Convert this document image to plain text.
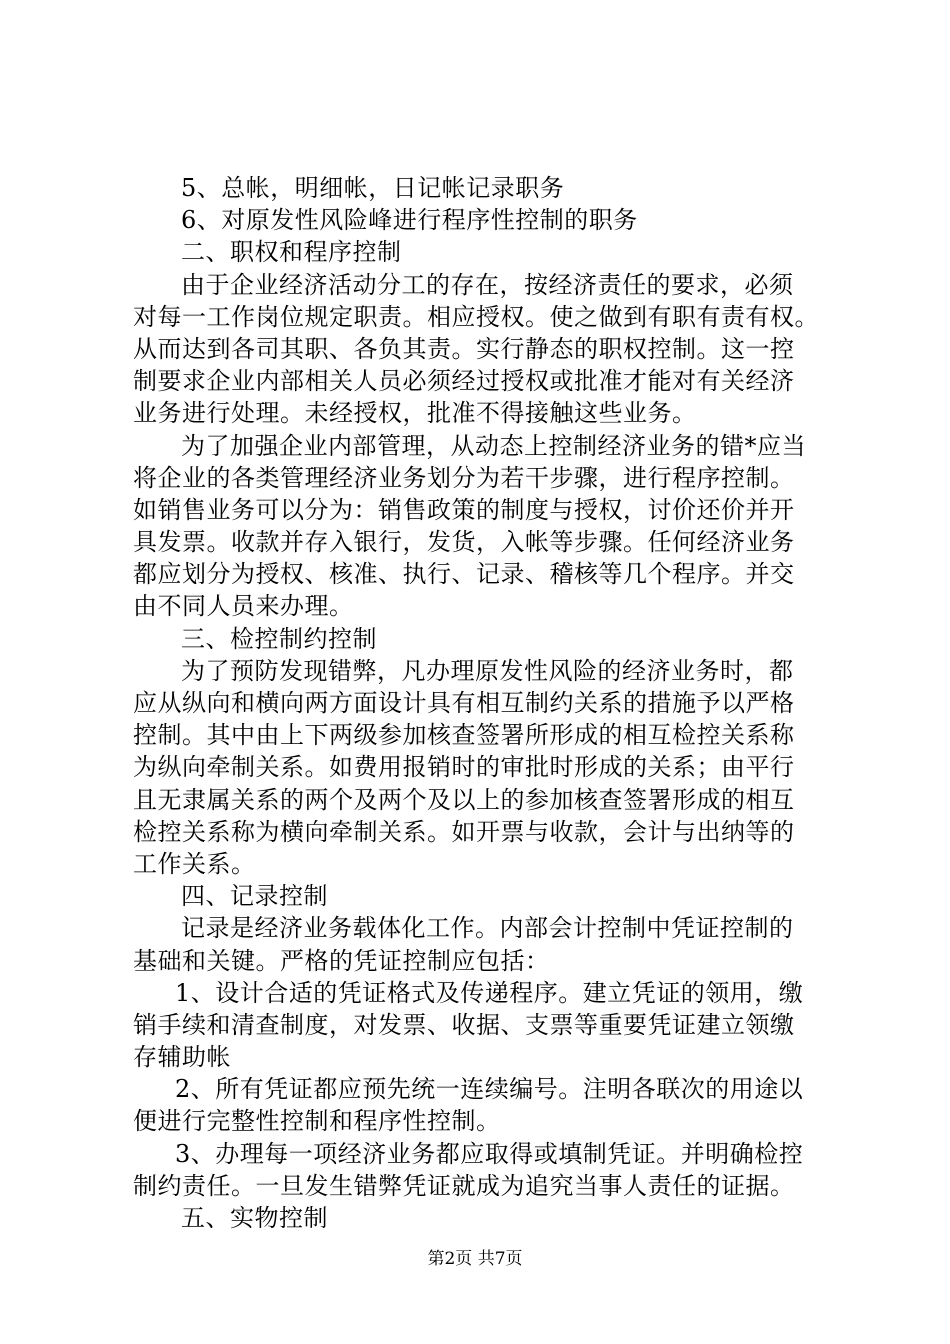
5、总帐，明细帐，日记帐记录职务
6、对原发性风险峰进行程序性控制的职务
二、职权和程序控制
由于企业经济活动分工的存在，按经济责任的要求，必须
对每一工作岗位规定职责。相应授权。使之做到有职有责有权。
从而达到各司其职、各负其责。实行静态的职权控制。这一控
制要求企业内部相关人员必须经过授权或批准才能对有关经济
业务进行处理。未经授权，批准不得接触这些业务。
为了加强企业内部管理，从动态上控制经济业务的错*应当
将企业的各类管理经济业务划分为若干步骤，进行程序控制。
如销售业务可以分为：销售政策的制度与授权，讨价还价并开
具发票。收款并存入银行，发货，入帐等步骤。任何经济业务
都应划分为授权、核准、执行、记录、稽核等几个程序。并交
由不同人员来办理。
三、检控制约控制
为了预防发现错弊，凡办理原发性风险的经济业务时，都
应从纵向和横向两方面设计具有相互制约关系的措施予以严格
控制。其中由上下两级参加核查签署所形成的相互检控关系称
为纵向牵制关系。如费用报销时的审批时形成的关系；由平行
且无隶属关系的两个及两个及以上的参加核查签署形成的相互
检控关系称为横向牵制关系。如开票与收款，会计与出纳等的
工作关系。
四、记录控制
记录是经济业务载体化工作。内部会计控制中凭证控制的
基础和关键。严格的凭证控制应包括：
1、设计合适的凭证格式及传递程序。建立凭证的领用，缴
销手续和清查制度，对发票、收据、支票等重要凭证建立领缴
存辅助帐
2、所有凭证都应预先统一连续编号。注明各联次的用途以
便进行完整性控制和程序性控制。
3、办理每一项经济业务都应取得或填制凭证。并明确检控
制约责任。一旦发生错弊凭证就成为追究当事人责任的证据。
五、实物控制
第2页 共7页
